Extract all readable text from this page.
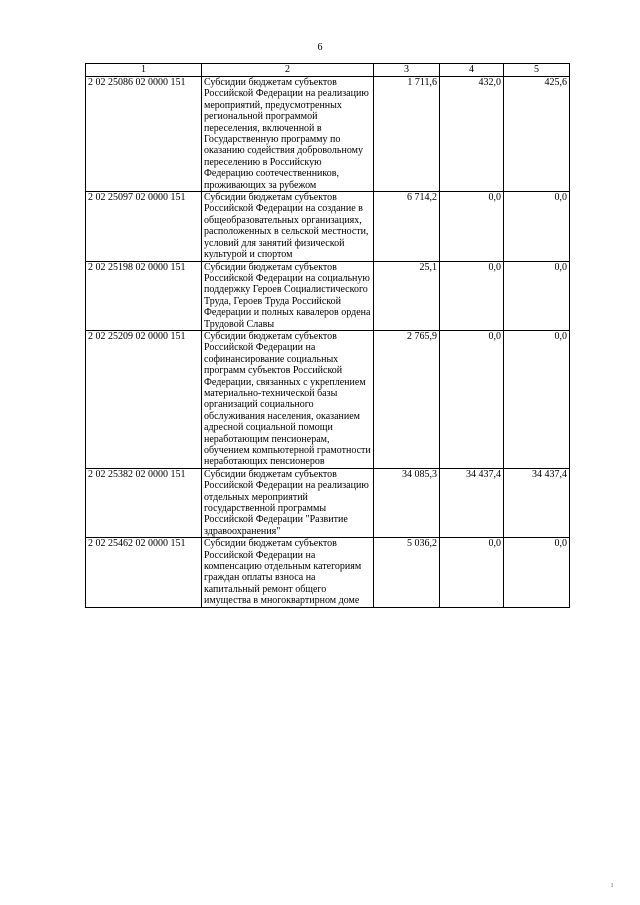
6
1	2	3	4	5
2 02 25086 02 0000 151	Субсидии бюджетам субъектов Российской Федерации на реализацию мероприятий, предусмотренных региональной программой переселения, включенной в Государственную программу по оказанию содействия добровольному переселению в Российскую Федерацию соотечественников, проживающих за рубежом	1 711,6	432,0	425,6
2 02 25097 02 0000 151	Субсидии бюджетам субъектов Российской Федерации на создание в общеобразовательных организациях, расположенных в сельской местности, условий для занятий физической культурой и спортом	6 714,2	0,0	0,0
2 02 25198 02 0000 151	Субсидии бюджетам субъектов Российской Федерации на социальную поддержку Героев Социалистического Труда, Героев Труда Российской Федерации и полных кавалеров ордена Трудовой Славы	25,1	0,0	0,0
2 02 25209 02 0000 151	Субсидии бюджетам субъектов Российской Федерации на софинансирование социальных программ субъектов Российской Федерации, связанных с укреплением материально-технической базы организаций социального обслуживания населения, оказанием адресной социальной помощи неработающим пенсионерам, обучением компьютерной грамотности неработающих пенсионеров	2 765,9	0,0	0,0
2 02 25382 02 0000 151	Субсидии бюджетам субъектов Российской Федерации на реализацию отдельных мероприятий государственной программы Российской Федерации "Развитие здравоохранения"	34 085,3	34 437,4	34 437,4
2 02 25462 02 0000 151	Субсидии бюджетам субъектов Российской Федерации на компенсацию отдельным категориям граждан оплаты взноса на капитальный ремонт общего имущества в многоквартирном доме	5 036,2	0,0	0,0
ı
